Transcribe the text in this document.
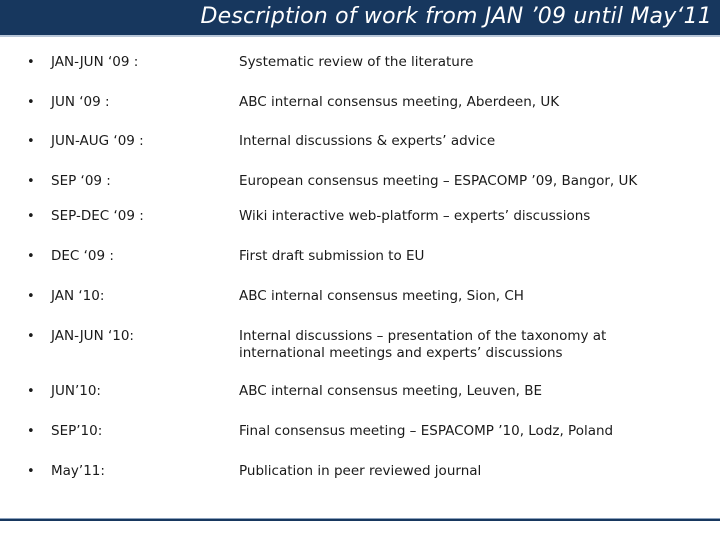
Description of work from JAN ’09 until May‘11
• JAN-JUN ‘09 :	Systematic review of the literature
• JUN ‘09 :	ABC internal consensus meeting, Aberdeen, UK
• JUN-AUG ‘09 :	Internal discussions & experts’ advice
• SEP ‘09 :	European consensus meeting – ESPACOMP ’09, Bangor, UK
• SEP-DEC ‘09 :	Wiki interactive web-platform – experts’ discussions
• DEC ‘09 :	First draft submission to EU
• JAN ‘10:	ABC internal consensus meeting, Sion, CH
• JAN-JUN ‘10:	Internal discussions – presentation of the taxonomy at international meetings and experts’ discussions
• JUN’10:	ABC internal consensus meeting, Leuven, BE
• SEP’10:	Final consensus meeting – ESPACOMP ’10, Lodz, Poland
• May’11:	Publication in peer reviewed journal
